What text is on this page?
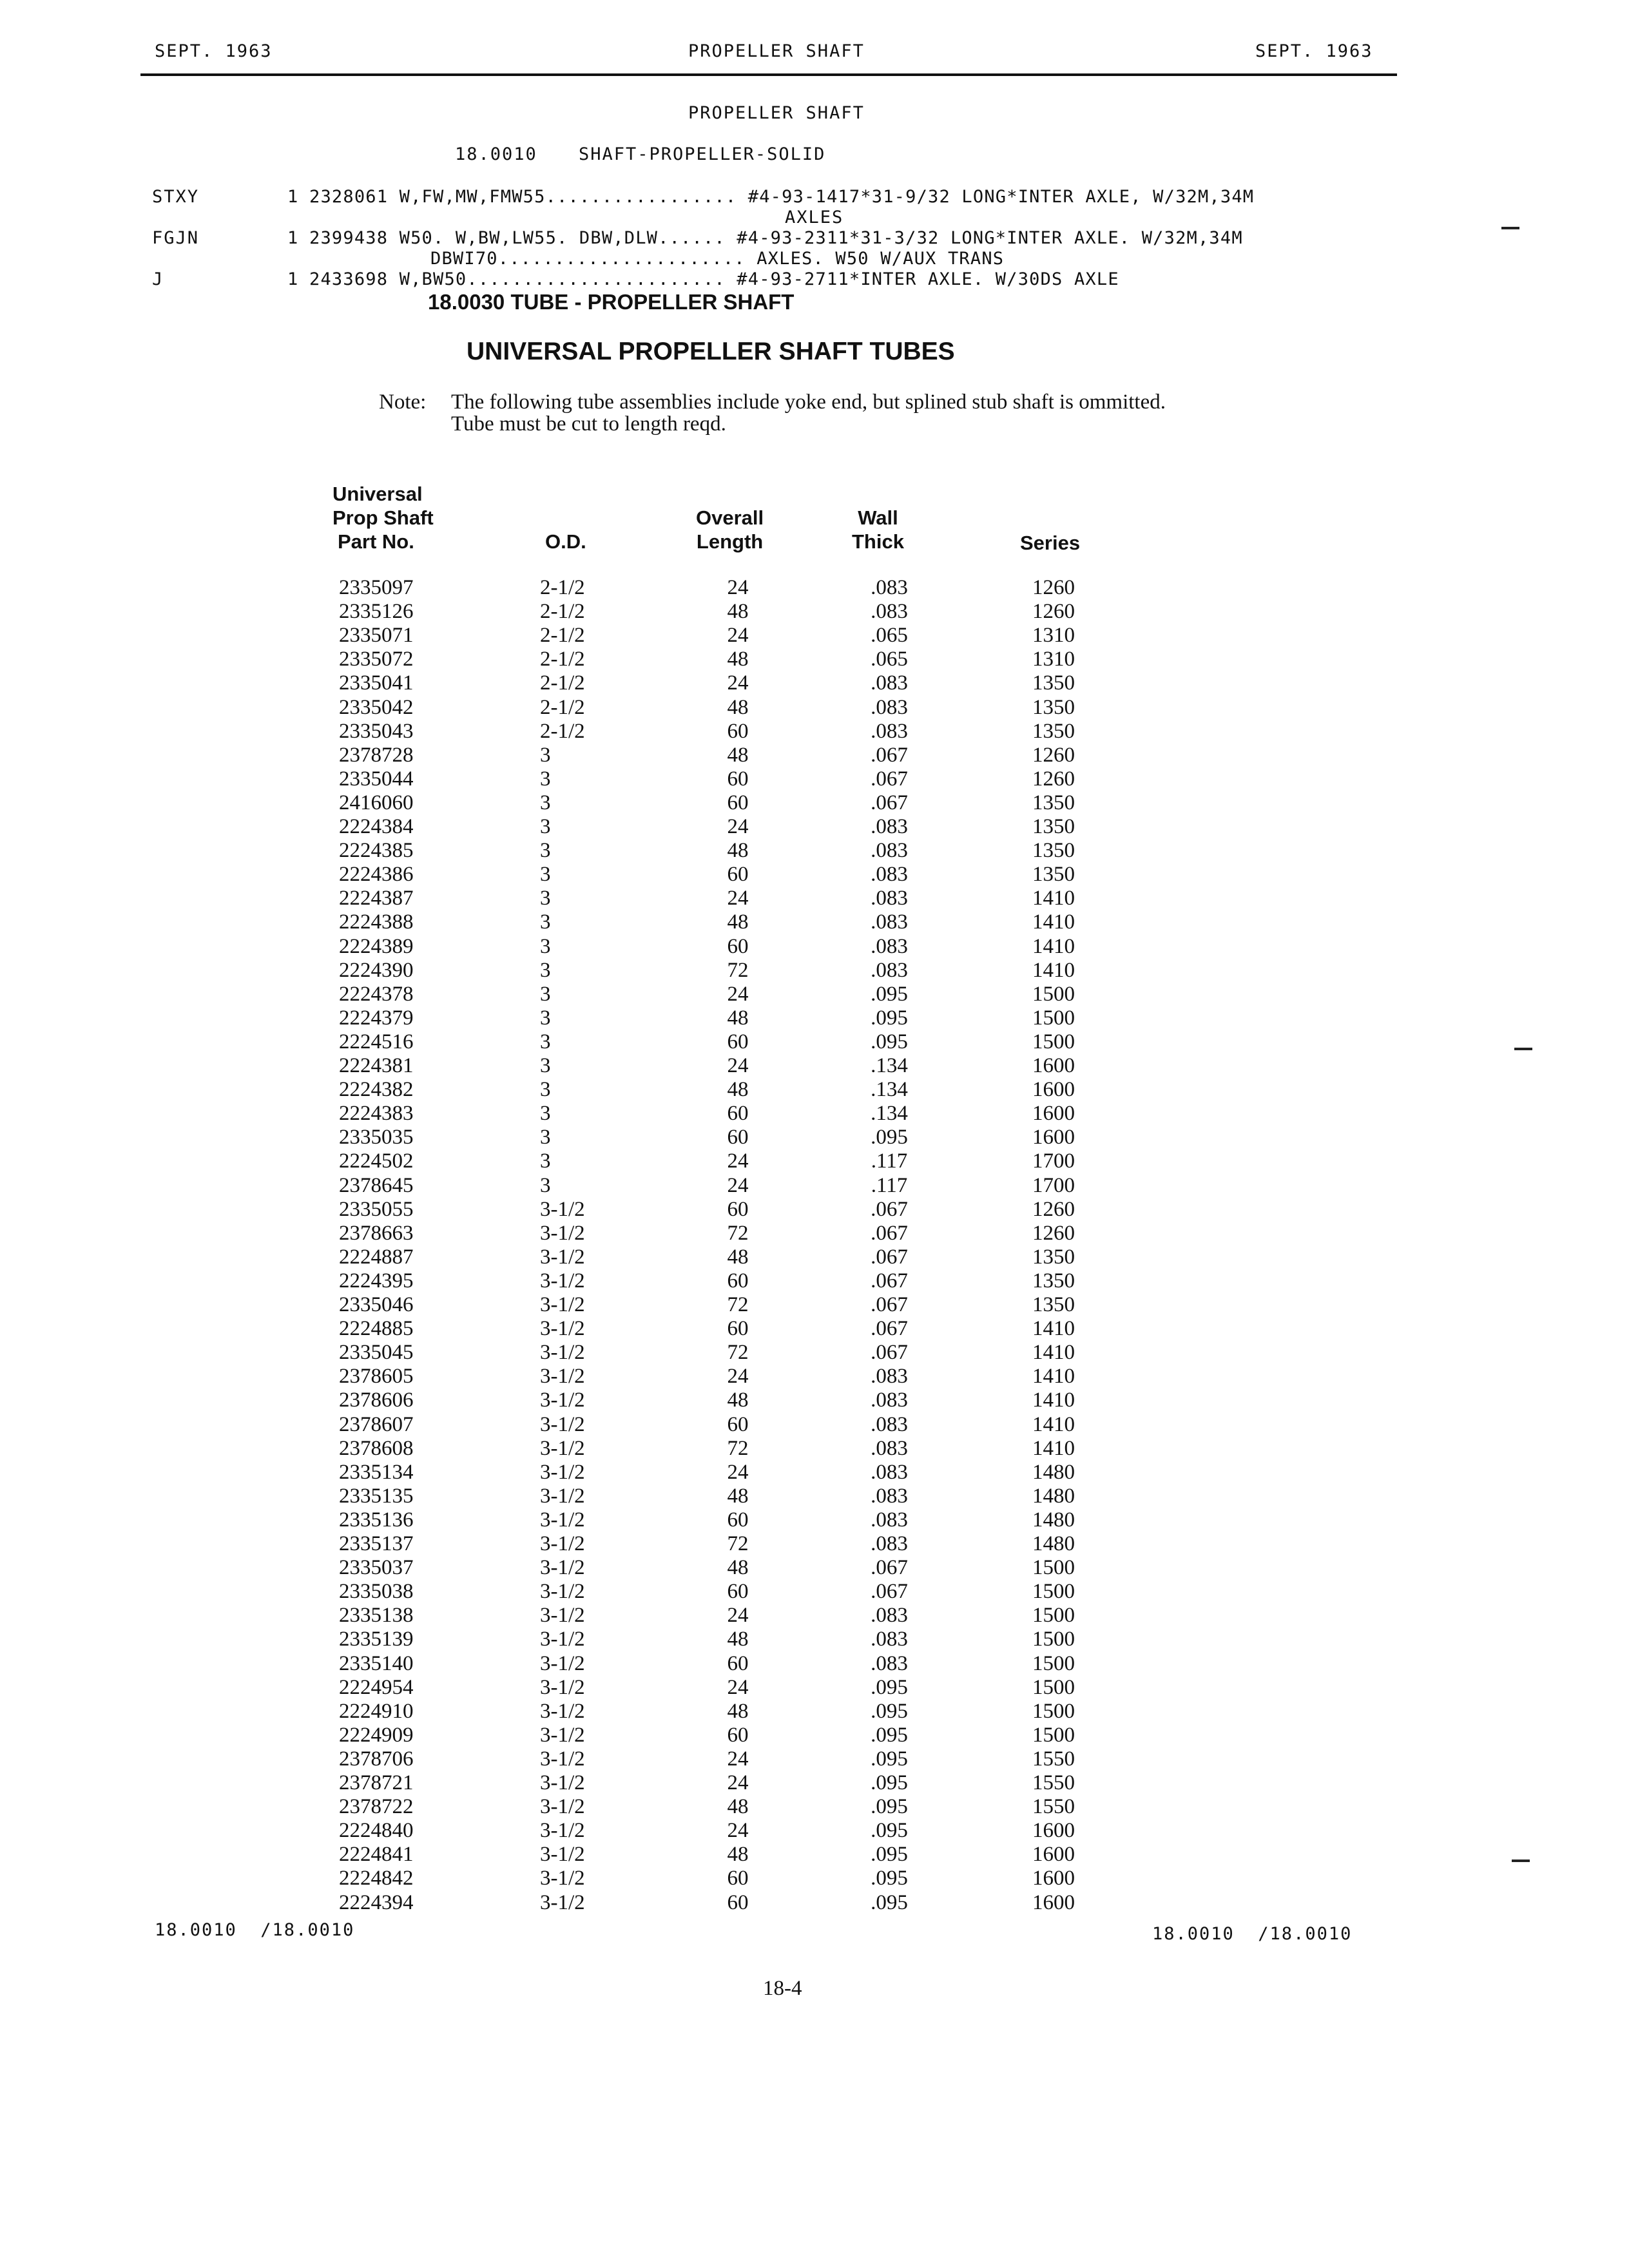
SEPT. 1963	PROPELLER SHAFT	SEPT. 1963
PROPELLER SHAFT
18.0010 SHAFT-PROPELLER-SOLID
STXY	1 2328061 W,FW,MW,FMW55................. #4-93-1417*31-9/32 LONG*INTER AXLE, W/32M,34M
AXLES
FGJN	1 2399438 W50. W,BW,LW55. DBW,DLW...... #4-93-2311*31-3/32 LONG*INTER AXLE. W/32M,34M
DBWI70...................... AXLES. W50 W/AUX TRANS
J	1 2433698 W,BW50....................... #4-93-2711*INTER AXLE. W/30DS AXLE
18.0030 TUBE - PROPELLER SHAFT
UNIVERSAL PROPELLER SHAFT TUBES
Note: The following tube assemblies include yoke end, but splined stub shaft is ommitted.
Tube must be cut to length reqd.
Universal
Prop Shaft
Part No.	O.D.
Overall
Length
Wall
Thick	Series
2335097	2-1/2	24	.083	1260
2335126	2-1/2	48	.083	1260
2335071	2-1/2	24	.065	1310
2335072	2-1/2	48	.065	1310
2335041	2-1/2	24	.083	1350
2335042	2-1/2	48	.083	1350
2335043	2-1/2	60	.083	1350
2378728	3	48	.067	1260
2335044	3	60	.067	1260
2416060	3	60	.067	1350
2224384	3	24	.083	1350
2224385	3	48	.083	1350
2224386	3	60	.083	1350
2224387	3	24	.083	1410
2224388	3	48	.083	1410
2224389	3	60	.083	1410
2224390	3	72	.083	1410
2224378	3	24	.095	1500
2224379	3	48	.095	1500
2224516	3	60	.095	1500
2224381	3	24	.134	1600
2224382	3	48	.134	1600
2224383	3	60	.134	1600
2335035	3	60	.095	1600
2224502	3	24	.117	1700
2378645	3	24	.117	1700
2335055	3-1/2	60	.067	1260
2378663	3-1/2	72	.067	1260
2224887	3-1/2	48	.067	1350
2224395	3-1/2	60	.067	1350
2335046	3-1/2	72	.067	1350
2224885	3-1/2	60	.067	1410
2335045	3-1/2	72	.067	1410
2378605	3-1/2	24	.083	1410
2378606	3-1/2	48	.083	1410
2378607	3-1/2	60	.083	1410
2378608	3-1/2	72	.083	1410
2335134	3-1/2	24	.083	1480
2335135	3-1/2	48	.083	1480
2335136	3-1/2	60	.083	1480
2335137	3-1/2	72	.083	1480
2335037	3-1/2	48	.067	1500
2335038	3-1/2	60	.067	1500
2335138	3-1/2	24	.083	1500
2335139	3-1/2	48	.083	1500
2335140	3-1/2	60	.083	1500
2224954	3-1/2	24	.095	1500
2224910	3-1/2	48	.095	1500
2224909	3-1/2	60	.095	1500
2378706	3-1/2	24	.095	1550
2378721	3-1/2	24	.095	1550
2378722	3-1/2	48	.095	1550
2224840	3-1/2	24	.095	1600
2224841	3-1/2	48	.095	1600
2224842	3-1/2	60	.095	1600
2224394	3-1/2	60	.095	1600
18.0010  /18.0010	18.0010  /18.0010
18-4
